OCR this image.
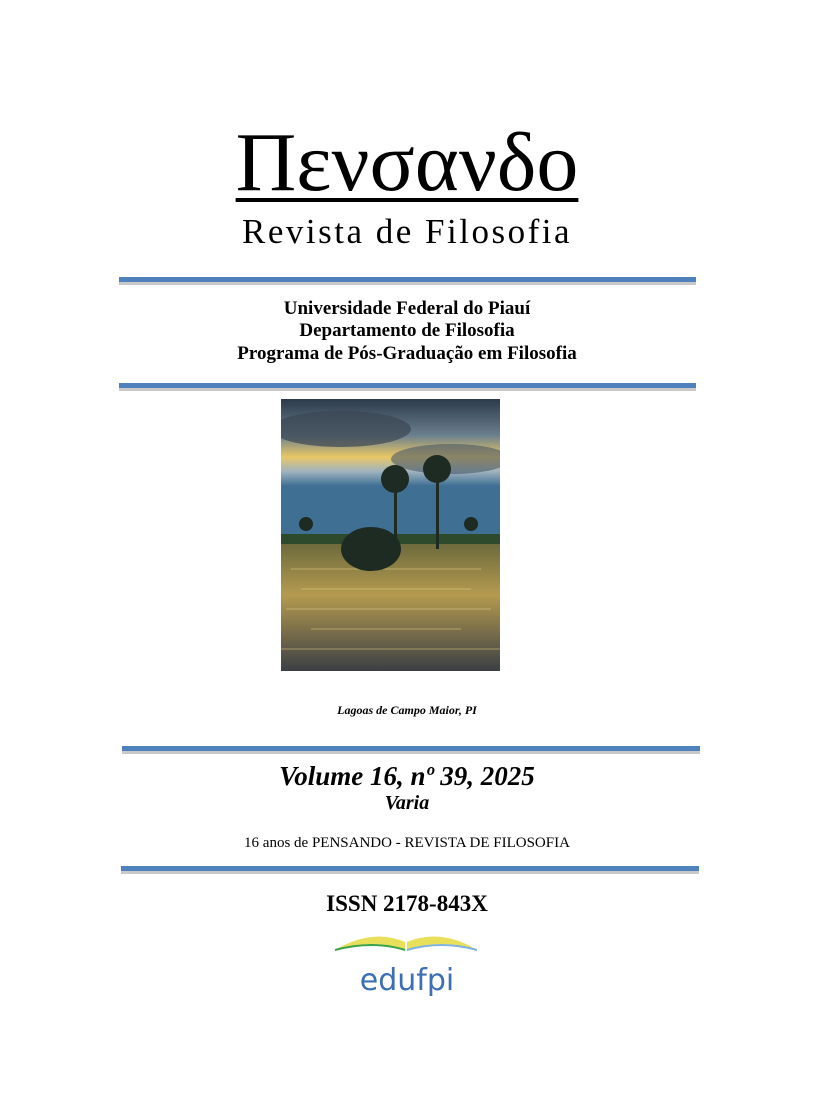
Πενσανδο
Revista de Filosofia
Universidade Federal do Piauí
Departamento de Filosofia
Programa de Pós-Graduação em Filosofia
Lagoas de Campo Maior, PI
Volume 16, nº 39, 2025
Varia
16 anos de PENSANDO - REVISTA DE FILOSOFIA
ISSN 2178-843X
edufpi
